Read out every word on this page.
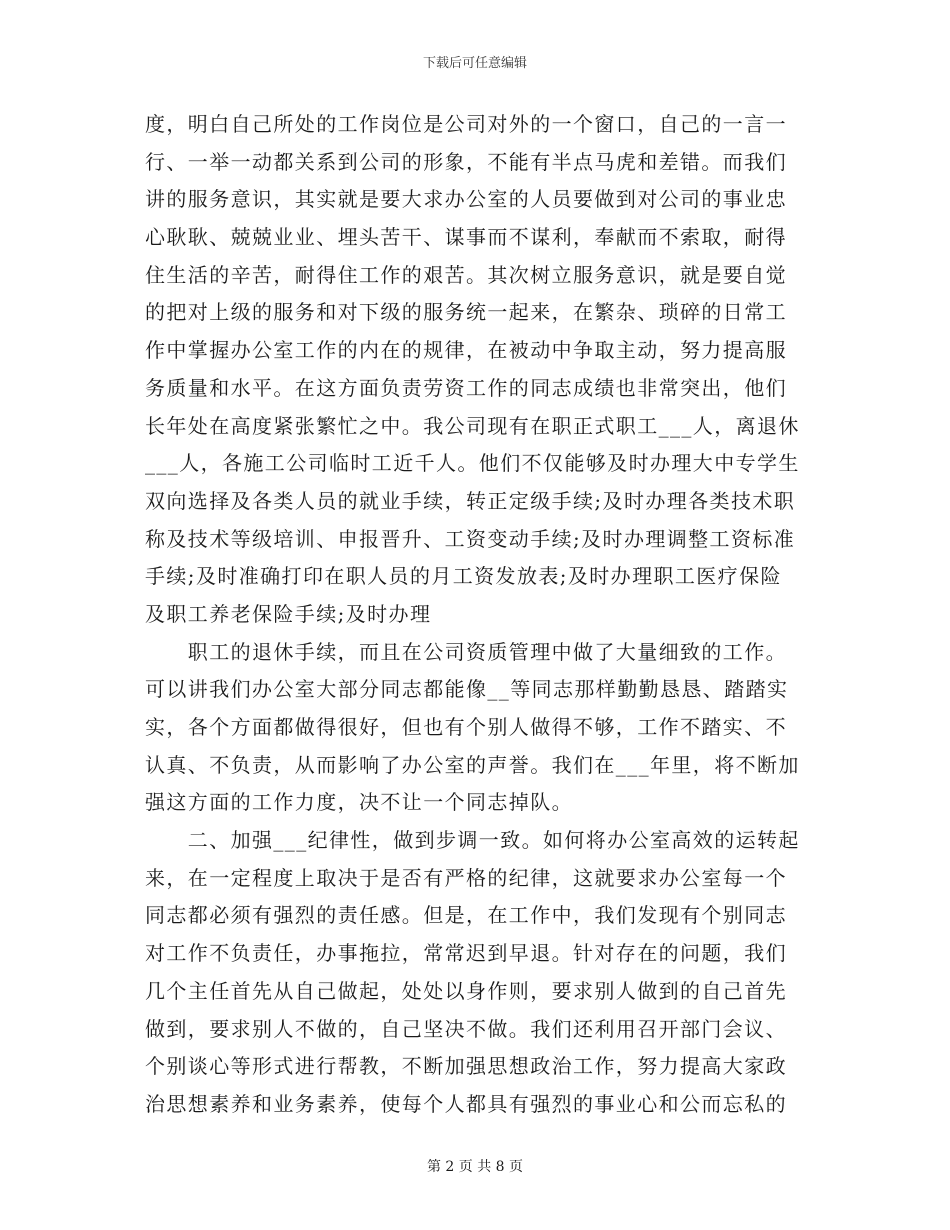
下载后可任意编辑
度，明白自己所处的工作岗位是公司对外的一个窗口，自己的一言一
行、一举一动都关系到公司的形象，不能有半点马虎和差错。而我们
讲的服务意识，其实就是要大求办公室的人员要做到对公司的事业忠
心耿耿、兢兢业业、埋头苦干、谋事而不谋利，奉献而不索取，耐得
住生活的辛苦，耐得住工作的艰苦。其次树立服务意识，就是要自觉
的把对上级的服务和对下级的服务统一起来，在繁杂、琐碎的日常工
作中掌握办公室工作的内在的规律，在被动中争取主动，努力提高服
务质量和水平。在这方面负责劳资工作的同志成绩也非常突出，他们
长年处在高度紧张繁忙之中。我公司现有在职正式职工___人，离退休
___人，各施工公司临时工近千人。他们不仅能够及时办理大中专学生
双向选择及各类人员的就业手续，转正定级手续;及时办理各类技术职
称及技术等级培训、申报晋升、工资变动手续;及时办理调整工资标准
手续;及时准确打印在职人员的月工资发放表;及时办理职工医疗保险
及职工养老保险手续;及时办理
　　职工的退休手续，而且在公司资质管理中做了大量细致的工作。
可以讲我们办公室大部分同志都能像__等同志那样勤勤恳恳、踏踏实
实，各个方面都做得很好，但也有个别人做得不够，工作不踏实、不
认真、不负责，从而影响了办公室的声誉。我们在___年里，将不断加
强这方面的工作力度，决不让一个同志掉队。
　　二、加强___纪律性，做到步调一致。如何将办公室高效的运转起
来，在一定程度上取决于是否有严格的纪律，这就要求办公室每一个
同志都必须有强烈的责任感。但是，在工作中，我们发现有个别同志
对工作不负责任，办事拖拉，常常迟到早退。针对存在的问题，我们
几个主任首先从自己做起，处处以身作则，要求别人做到的自己首先
做到，要求别人不做的，自己坚决不做。我们还利用召开部门会议、
个别谈心等形式进行帮教，不断加强思想政治工作，努力提高大家政
治思想素养和业务素养，使每个人都具有强烈的事业心和公而忘私的
第 2 页 共 8 页
